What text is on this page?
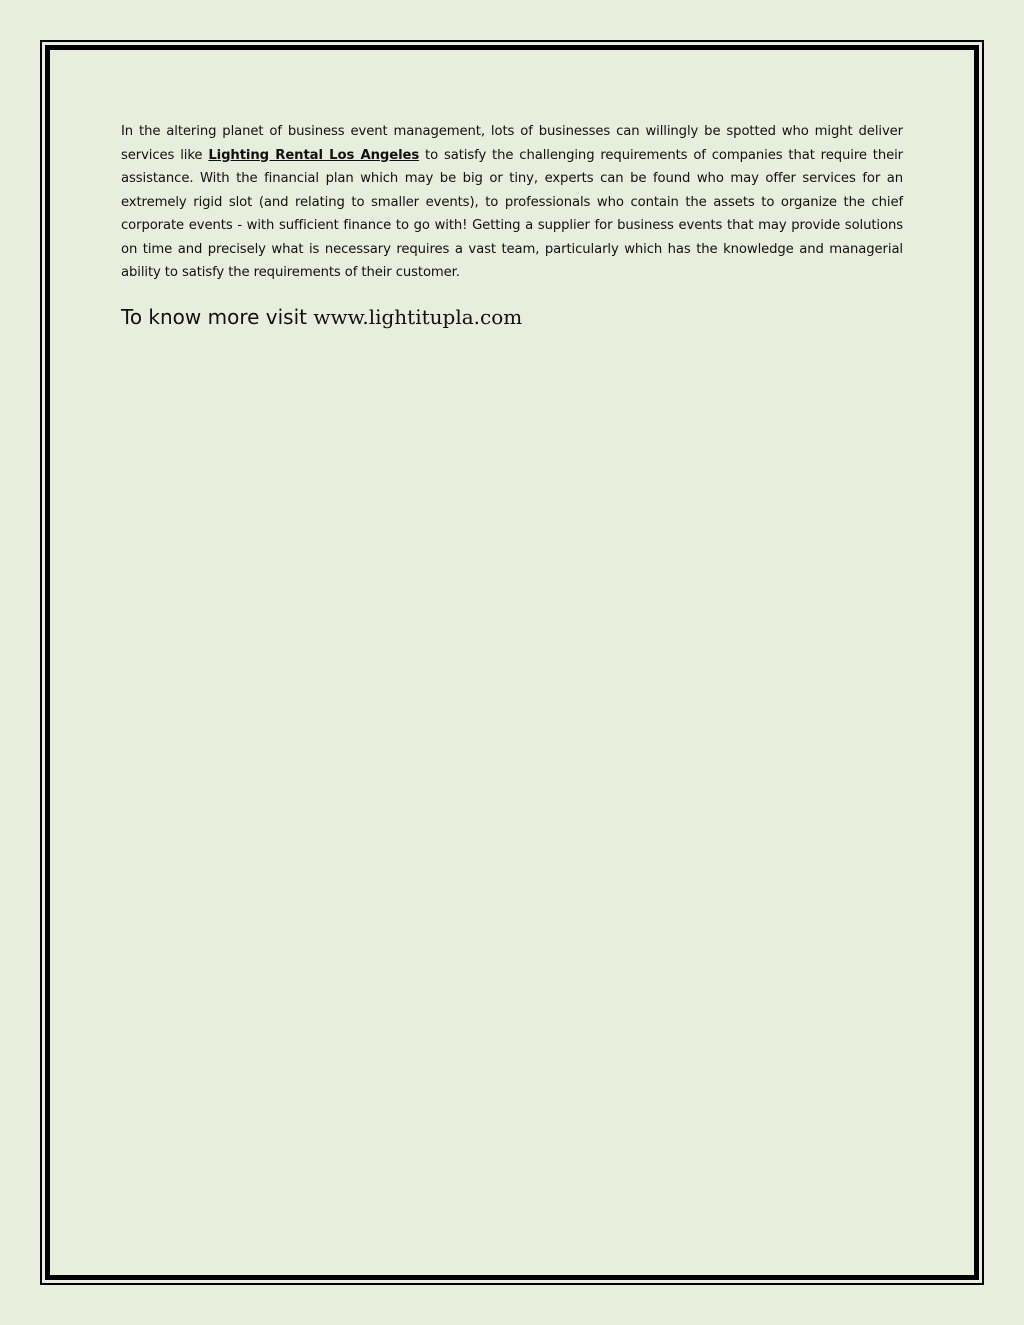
In the altering planet of business event management, lots of businesses can willingly be spotted who might deliver services like Lighting Rental Los Angeles to satisfy the challenging requirements of companies that require their assistance. With the financial plan which may be big or tiny, experts can be found who may offer services for an extremely rigid slot (and relating to smaller events), to professionals who contain the assets to organize the chief corporate events - with sufficient finance to go with! Getting a supplier for business events that may provide solutions on time and precisely what is necessary requires a vast team, particularly which has the knowledge and managerial ability to satisfy the requirements of their customer.

To know more visit www.lightitupla.com
